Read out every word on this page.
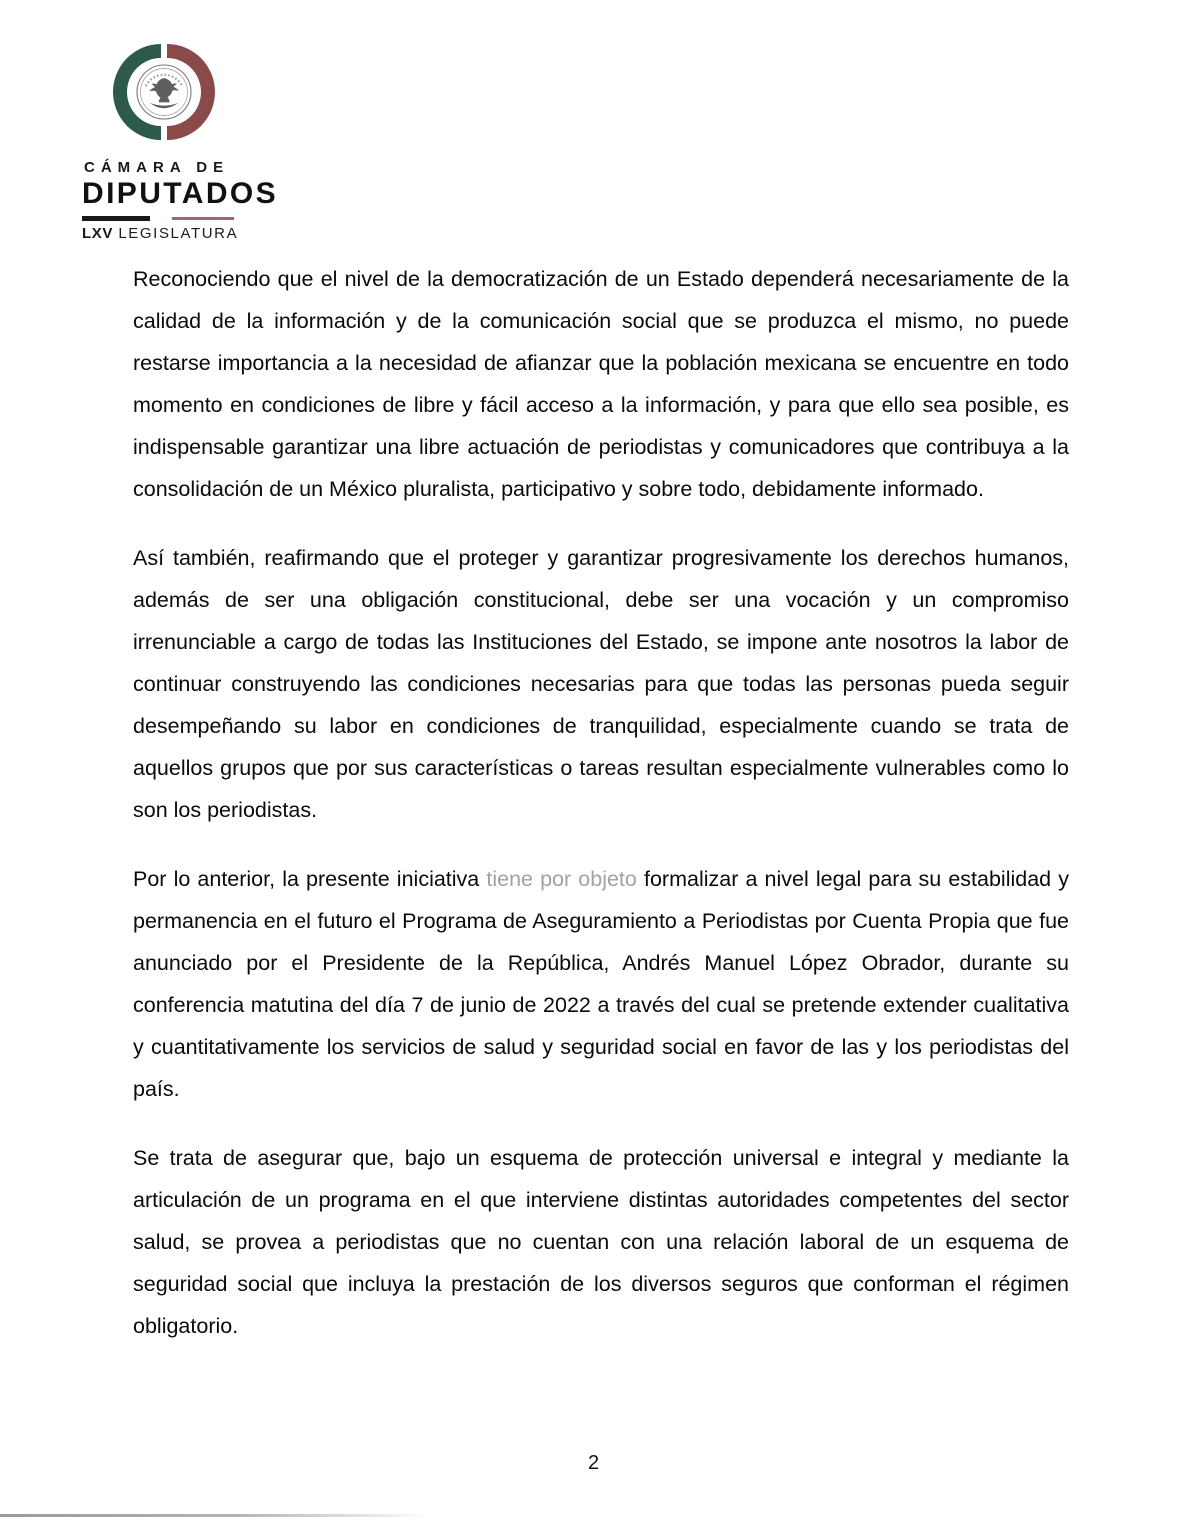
CÁMARA DE
DIPUTADOS
LXV LEGISLATURA

Reconociendo que el nivel de la democratización de un Estado dependerá necesariamente de la calidad de la información y de la comunicación social que se produzca el mismo, no puede restarse importancia a la necesidad de afianzar que la población mexicana se encuentre en todo momento en condiciones de libre y fácil acceso a la información, y para que ello sea posible, es indispensable garantizar una libre actuación de periodistas y comunicadores que contribuya a la consolidación de un México pluralista, participativo y sobre todo, debidamente informado.

Así también, reafirmando que el proteger y garantizar progresivamente los derechos humanos, además de ser una obligación constitucional, debe ser una vocación y un compromiso irrenunciable a cargo de todas las Instituciones del Estado, se impone ante nosotros la labor de continuar construyendo las condiciones necesarias para que todas las personas pueda seguir desempeñando su labor en condiciones de tranquilidad, especialmente cuando se trata de aquellos grupos que por sus características o tareas resultan especialmente vulnerables como lo son los periodistas.

Por lo anterior, la presente iniciativa tiene por objeto formalizar a nivel legal para su estabilidad y permanencia en el futuro el Programa de Aseguramiento a Periodistas por Cuenta Propia que fue anunciado por el Presidente de la República, Andrés Manuel López Obrador, durante su conferencia matutina del día 7 de junio de 2022 a través del cual se pretende extender cualitativa y cuantitativamente los servicios de salud y seguridad social en favor de las y los periodistas del país.

Se trata de asegurar que, bajo un esquema de protección universal e integral y mediante la articulación de un programa en el que interviene distintas autoridades competentes del sector salud, se provea a periodistas que no cuentan con una relación laboral de un esquema de seguridad social que incluya la prestación de los diversos seguros que conforman el régimen obligatorio.

2
